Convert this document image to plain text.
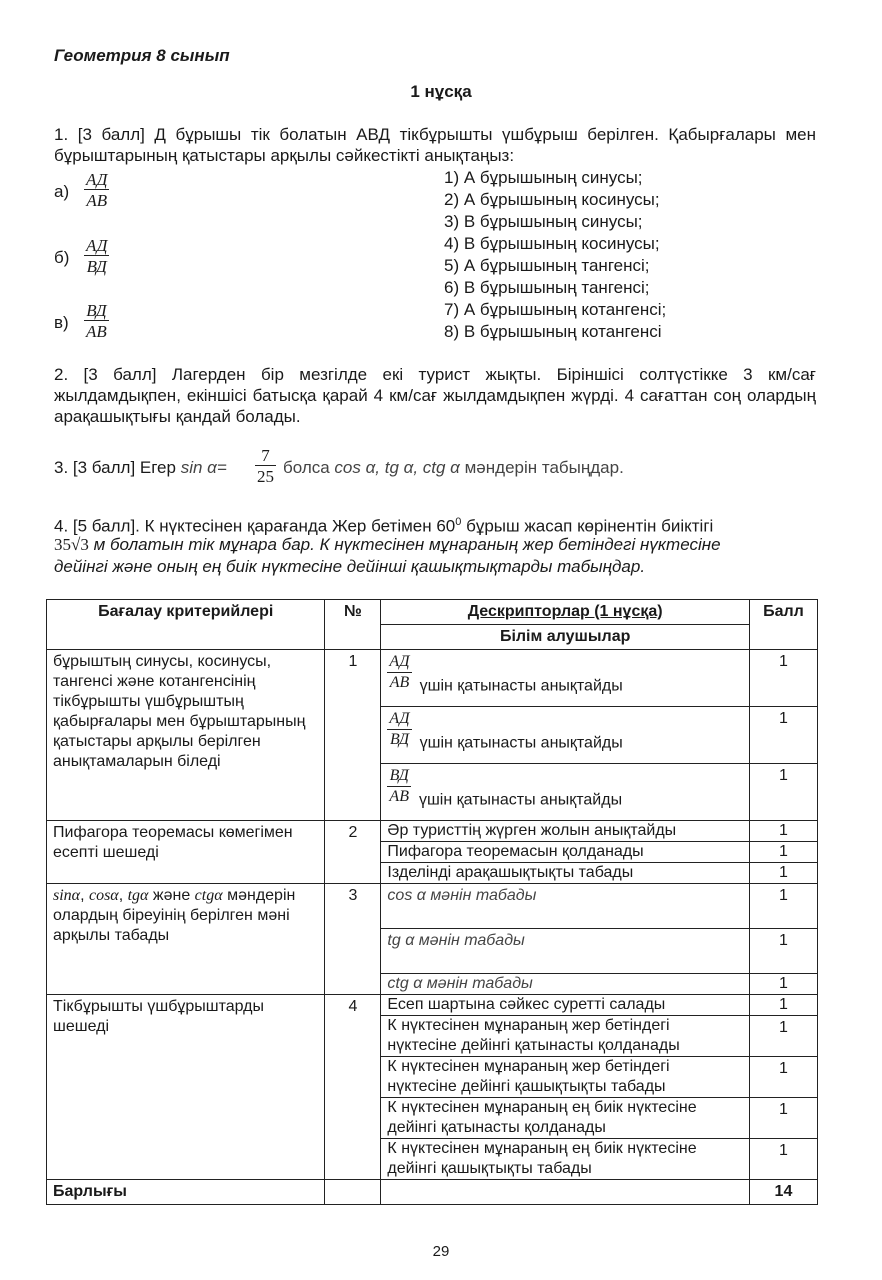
Геометрия 8 сынып
1 нұсқа
1. [3 балл] Д бұрышы тік болатын АВД тікбұрышты үшбұрыш берілген. Қабырғалары мен бұрыштарының қатыстары арқылы сәйкестікті анықтаңыз:
а)
АД
АВ
б)
АД
ВД
в)
ВД
АВ
1) А бұрышының синусы;
2) А бұрышының косинусы;
3) В бұрышының синусы;
4) В бұрышының косинусы;
5) А бұрышының тангенсі;
6) В бұрышының тангенсі;
7) А бұрышының котангенсі;
8) В бұрышының котангенсі
2. [3 балл] Лагерден бір мезгілде екі турист жықты. Біріншісі солтүстікке 3 км/сағ жылдамдықпен, екіншісі батысқа қарай 4 км/сағ жылдамдықпен жүрді. 4 сағаттан соң олардың арақашықтығы қандай болады.
3. [3 балл] Егер $\sin \alpha= \frac{7}{25}$ болса cos α, tg α, ctg α мәндерін табыңдар.
4. [5 балл]. К нүктесінен қарағанда Жер бетімен $60^0$ бұрыш жасап көрінентін биіктігі
35√3 м болатын тік мұнара бар. К нүктесінен мұнараның жер бетіндегі нүктесіне
дейінгі және оның ең биік нүктесіне дейінші қашықтықтарды табыңдар.
Бағалау критерийлері	№	Дескрипторлар (1 нұсқа)	Балл
		Білім алушылар	
бұрыштың синусы, косинусы, тангенсі және котангенсінің тікбұрышты үшбұрыштың қабырғалары мен бұрыштарының қатыстары арқылы берілген анықтамаларын біледі	1	$\frac{АД}{АВ}$ үшін қатынасты анықтайды	1

		$\frac{АД}{ВД}$ үшін қатынасты анықтайды	1

		$\frac{ВД}{АВ}$ үшін қатынасты анықтайды	1
Пифагора теоремасы көмегімен есепті шешеді	2	Әр туристтің жүрген жолын анықтайды	1
		Пифагора теоремасын қолданады	1
		Ізделінді арақашықтықты табады	1
sinα, cosα, tgα және ctgα мәндерін олардың біреуінің берілген мәні арқылы табады	3	cos α мәнін табады	1
		tg α мәнін табады	1
		ctg α мәнін табады	1
Тікбұрышты үшбұрыштарды шешеді	4	Есеп шартына сәйкес суретті салады	1
		К нүктесінен мұнараның жер бетіндегі нүктесіне дейінгі қатынасты қолданады	1
		К нүктесінен мұнараның жер бетіндегі нүктесіне дейінгі қашықтықты табады	1
		К нүктесінен мұнараның ең биік нүктесіне дейінгі қатынасты қолданады	1
		К нүктесінен мұнараның ең биік нүктесіне дейінгі қашықтықты табады	1
Барлығы			14
29
